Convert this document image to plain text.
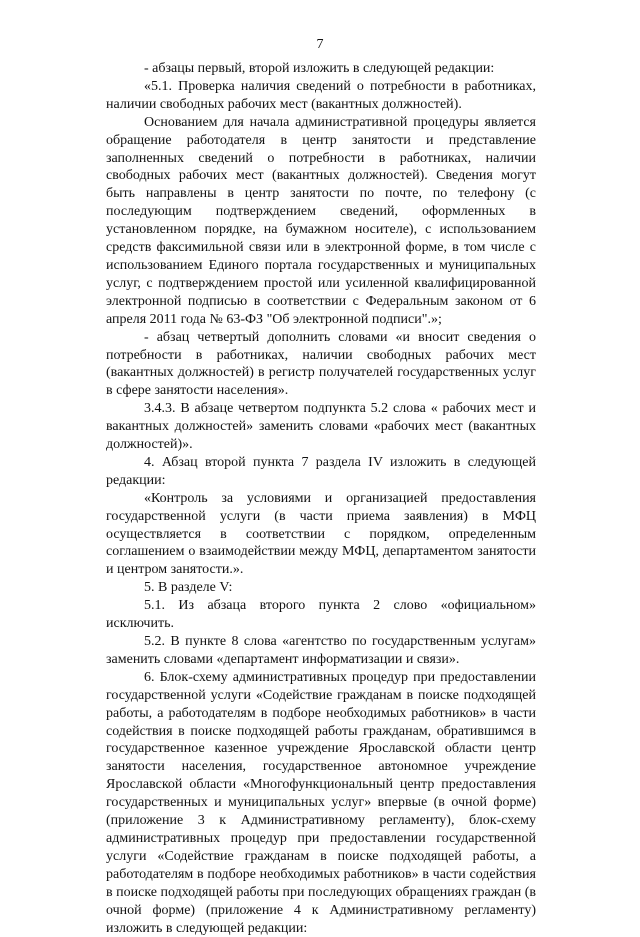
7

- абзацы первый, второй изложить в следующей редакции:

«5.1. Проверка наличия сведений о потребности в работниках, наличии свободных рабочих мест (вакантных должностей).

Основанием для начала административной процедуры является обращение работодателя в центр занятости и представление заполненных сведений о потребности в работниках, наличии свободных рабочих мест (вакантных должностей). Сведения могут быть направлены в центр занятости по почте, по телефону (с последующим подтверждением сведений, оформленных в установленном порядке, на бумажном носителе), с использованием средств факсимильной связи или в электронной форме, в том числе с использованием Единого портала государственных и муниципальных услуг, с подтверждением простой или усиленной квалифицированной электронной подписью в соответствии с Федеральным законом от 6 апреля 2011 года № 63-ФЗ "Об электронной подписи".»;

- абзац четвертый дополнить словами «и вносит сведения о потребности в работниках, наличии свободных рабочих мест (вакантных должностей) в регистр получателей государственных услуг в сфере занятости населения».

3.4.3. В абзаце четвертом подпункта 5.2 слова « рабочих мест и вакантных должностей» заменить словами «рабочих мест (вакантных должностей)».

4. Абзац второй пункта 7 раздела IV изложить в следующей редакции:

«Контроль за условиями и организацией предоставления государственной услуги (в части приема заявления) в МФЦ осуществляется в соответствии с порядком, определенным соглашением о взаимодействии между МФЦ, департаментом занятости и центром занятости.».

5. В разделе V:

5.1. Из абзаца второго пункта 2 слово «официальном» исключить.

5.2. В пункте 8 слова «агентство по государственным услугам» заменить словами «департамент информатизации и связи».

6. Блок-схему административных процедур при предоставлении государственной услуги «Содействие гражданам в поиске подходящей работы, а работодателям в подборе необходимых работников» в части содействия в поиске подходящей работы гражданам, обратившимся в государственное казенное учреждение Ярославской области центр занятости населения, государственное автономное учреждение Ярославской области «Многофункциональный центр предоставления государственных и муниципальных услуг» впервые (в очной форме) (приложение 3 к Административному регламенту), блок-схему административных процедур при предоставлении государственной услуги «Содействие гражданам в поиске подходящей работы, а работодателям в подборе необходимых работников» в части содействия в поиске подходящей работы при последующих обращениях граждан (в очной форме) (приложение 4 к Административному регламенту) изложить в следующей редакции:
